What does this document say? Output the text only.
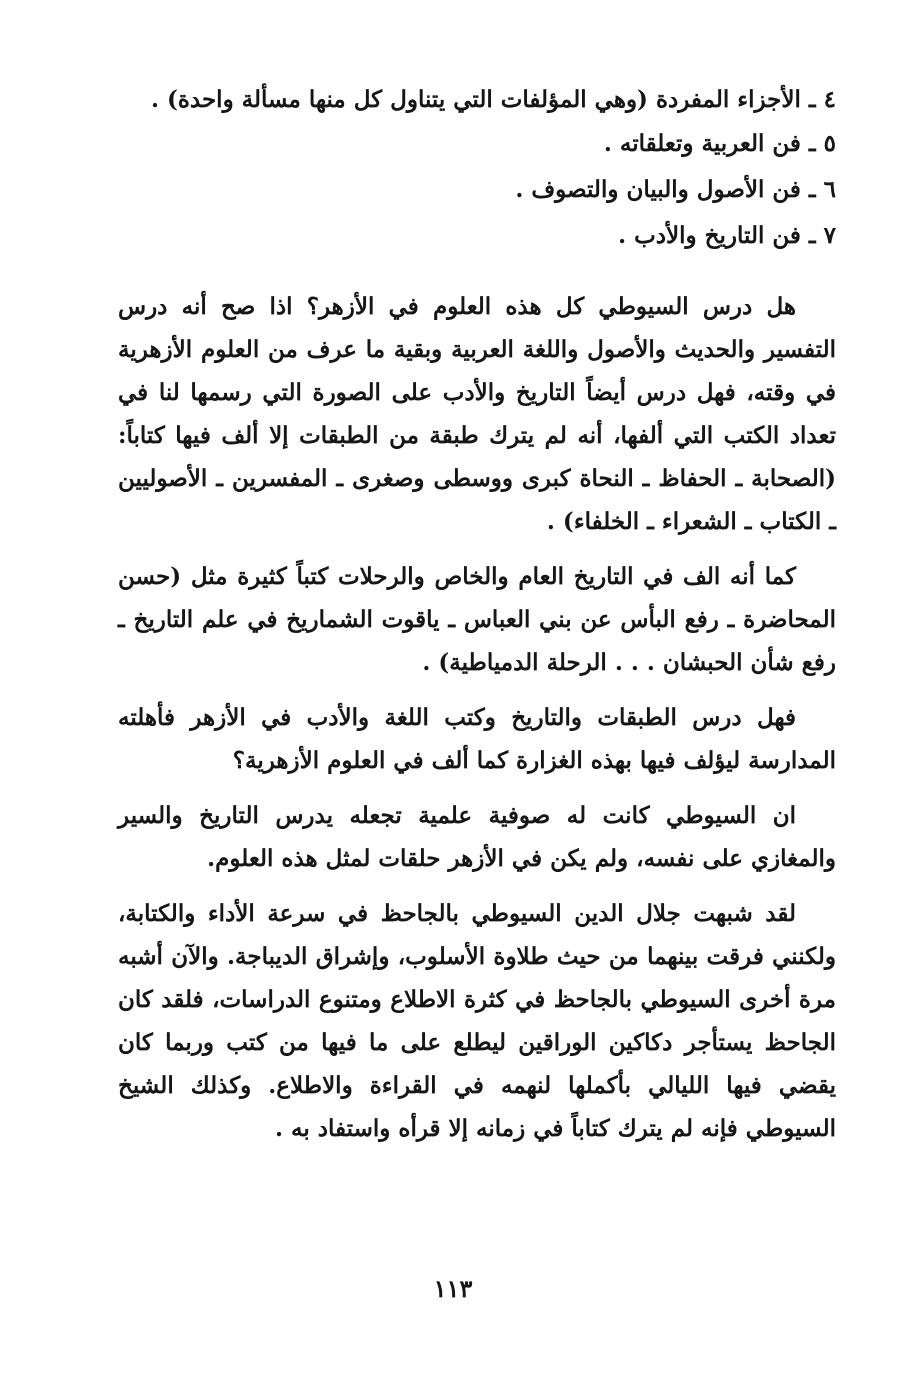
٤ ـ الأجزاء المفردة (وهي المؤلفات التي يتناول كل منها مسألة واحدة) .

٥ ـ فن العربية وتعلقاته .

٦ ـ فن الأصول والبيان والتصوف .

٧ ـ فن التاريخ والأدب .

هل درس السيوطي كل هذه العلوم في الأزهر؟ اذا صح أنه درس التفسير والحديث والأصول واللغة العربية وبقية ما عرف من العلوم الأزهرية في وقته، فهل درس أيضاً التاريخ والأدب على الصورة التي رسمها لنا في تعداد الكتب التي ألفها، أنه لم يترك طبقة من الطبقات إلا ألف فيها كتاباً: (الصحابة ـ الحفاظ ـ النحاة كبرى ووسطى وصغرى ـ المفسرين ـ الأصوليين ـ الكتاب ـ الشعراء ـ الخلفاء) .

كما أنه الف في التاريخ العام والخاص والرحلات كتباً كثيرة مثل (حسن المحاضرة ـ رفع البأس عن بني العباس ـ ياقوت الشماريخ في علم التاريخ ـ رفع شأن الحبشان . . . الرحلة الدمياطية) .

فهل درس الطبقات والتاريخ وكتب اللغة والأدب في الأزهر فأهلته المدارسة ليؤلف فيها بهذه الغزارة كما ألف في العلوم الأزهرية؟

ان السيوطي كانت له صوفية علمية تجعله يدرس التاريخ والسير والمغازي على نفسه، ولم يكن في الأزهر حلقات لمثل هذه العلوم.

لقد شبهت جلال الدين السيوطي بالجاحظ في سرعة الأداء والكتابة، ولكنني فرقت بينهما من حيث طلاوة الأسلوب، وإشراق الديباجة. والآن أشبه مرة أخرى السيوطي بالجاحظ في كثرة الاطلاع ومتنوع الدراسات، فلقد كان الجاحظ يستأجر دكاكين الوراقين ليطلع على ما فيها من كتب وربما كان يقضي فيها الليالي بأكملها لنهمه في القراءة والاطلاع. وكذلك الشيخ السيوطي فإنه لم يترك كتاباً في زمانه إلا قرأه واستفاد به .

١١٣
